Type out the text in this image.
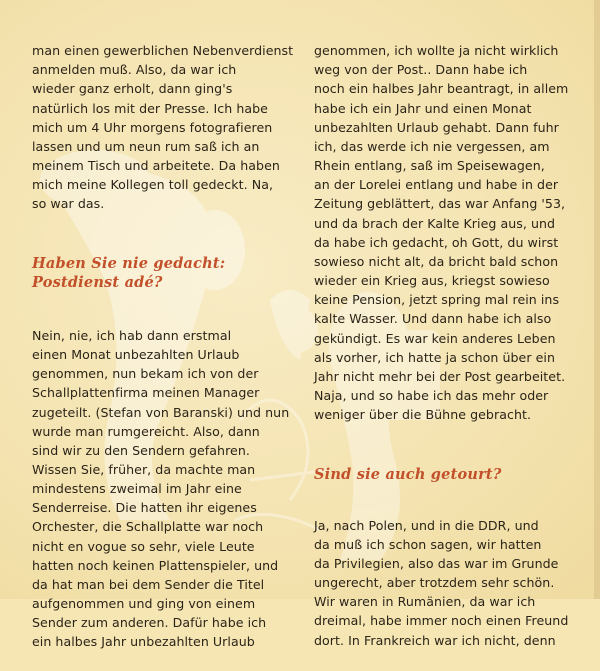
man einen gewerblichen Nebenverdienst
anmelden muß. Also, da war ich
wieder ganz erholt, dann ging's
natürlich los mit der Presse. Ich habe
mich um 4 Uhr morgens fotografieren
lassen und um neun rum saß ich an
meinem Tisch und arbeitete. Da haben
mich meine Kollegen toll gedeckt. Na,
so war das.

Haben Sie nie gedacht:
Postdienst adé?

Nein, nie, ich hab dann erstmal
einen Monat unbezahlten Urlaub
genommen, nun bekam ich von der
Schallplattenfirma meinen Manager
zugeteilt. (Stefan von Baranski) und nun
wurde man rumgereicht. Also, dann
sind wir zu den Sendern gefahren.
Wissen Sie, früher, da machte man
mindestens zweimal im Jahr eine
Senderreise. Die hatten ihr eigenes
Orchester, die Schallplatte war noch
nicht en vogue so sehr, viele Leute
hatten noch keinen Plattenspieler, und
da hat man bei dem Sender die Titel
aufgenommen und ging von einem
Sender zum anderen. Dafür habe ich
ein halbes Jahr unbezahlten Urlaub

genommen, ich wollte ja nicht wirklich
weg von der Post.. Dann habe ich
noch ein halbes Jahr beantragt, in allem
habe ich ein Jahr und einen Monat
unbezahlten Urlaub gehabt. Dann fuhr
ich, das werde ich nie vergessen, am
Rhein entlang, saß im Speisewagen,
an der Lorelei entlang und habe in der
Zeitung geblättert, das war Anfang '53,
und da brach der Kalte Krieg aus, und
da habe ich gedacht, oh Gott, du wirst
sowieso nicht alt, da bricht bald schon
wieder ein Krieg aus, kriegst sowieso
keine Pension, jetzt spring mal rein ins
kalte Wasser. Und dann habe ich also
gekündigt. Es war kein anderes Leben
als vorher, ich hatte ja schon über ein
Jahr nicht mehr bei der Post gearbeitet.
Naja, und so habe ich das mehr oder
weniger über die Bühne gebracht.

Sind sie auch getourt?

Ja, nach Polen, und in die DDR, und
da muß ich schon sagen, wir hatten
da Privilegien, also das war im Grunde
ungerecht, aber trotzdem sehr schön.
Wir waren in Rumänien, da war ich
dreimal, habe immer noch einen Freund
dort. In Frankreich war ich nicht, denn
